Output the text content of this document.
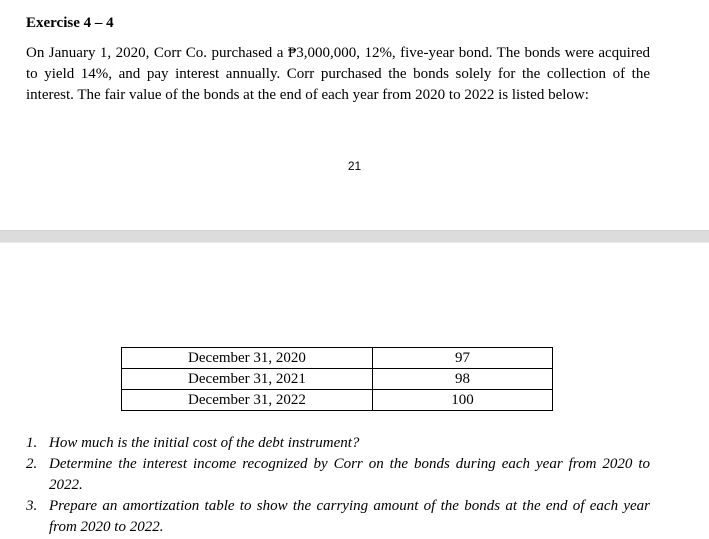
Exercise 4 – 4

On January 1, 2020, Corr Co. purchased a ₱3,000,000, 12%, five-year bond. The bonds were acquired to yield 14%, and pay interest annually. Corr purchased the bonds solely for the collection of the interest. The fair value of the bonds at the end of each year from 2020 to 2022 is listed below:

21
December 31, 2020	97
December 31, 2021	98
December 31, 2022	100
1. How much is the initial cost of the debt instrument?
2. Determine the interest income recognized by Corr on the bonds during each year from 2020 to 2022.
3. Prepare an amortization table to show the carrying amount of the bonds at the end of each year from 2020 to 2022.
